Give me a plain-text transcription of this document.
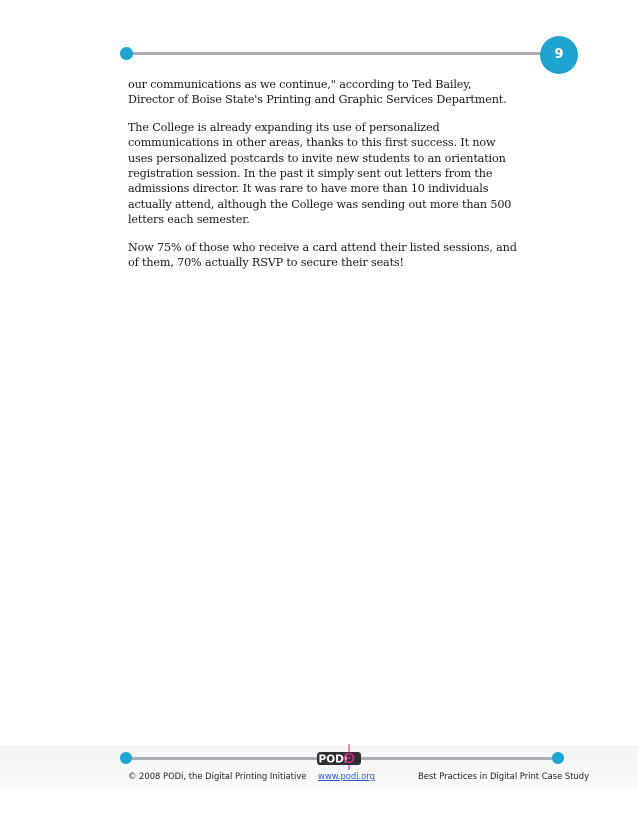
9

our communications as we continue," according to Ted Bailey, Director of Boise State's Printing and Graphic Services Department.

The College is already expanding its use of personalized communications in other areas, thanks to this first success. It now uses personalized postcards to invite new students to an orientation registration session. In the past it simply sent out letters from the admissions director. It was rare to have more than 10 individuals actually attend, although the College was sending out more than 500 letters each semester.

Now 75% of those who receive a card attend their listed sessions, and of them, 70% actually RSVP to secure their seats!

PODi
© 2008 PODi, the Digital Printing Initiative www.podi.org	Best Practices in Digital Print Case Study
